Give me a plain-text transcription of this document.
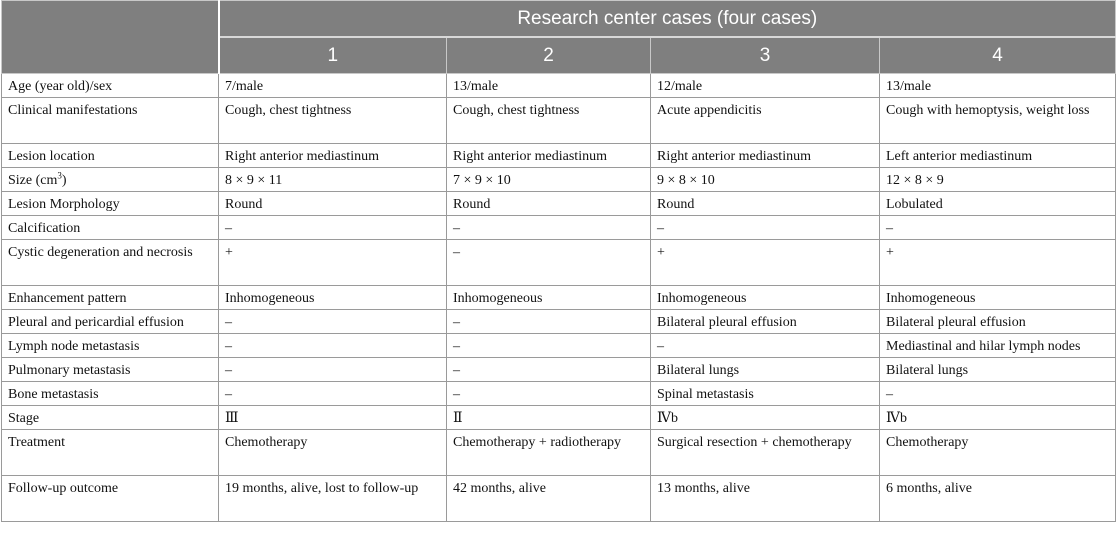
	Research center cases (four cases)			
	1	2	3	4
Age (year old)/sex	7/male	13/male	12/male	13/male
Clinical manifestations	Cough, chest tightness	Cough, chest tightness	Acute appendicitis	Cough with hemoptysis, weight loss
Lesion location	Right anterior mediastinum	Right anterior mediastinum	Right anterior mediastinum	Left anterior mediastinum
Size $(cm^3)$	8 × 9 × 11	7 × 9 × 10	9 × 8 × 10	12 × 8 × 9
Lesion Morphology	Round	Round	Round	Lobulated
Calcification	–	–	–	–
Cystic degeneration and necrosis	+	–	+	+
Enhancement pattern	Inhomogeneous	Inhomogeneous	Inhomogeneous	Inhomogeneous
Pleural and pericardial effusion	–	–	Bilateral pleural effusion	Bilateral pleural effusion
Lymph node metastasis	–	–	–	Mediastinal and hilar lymph nodes
Pulmonary metastasis	–	–	Bilateral lungs	Bilateral lungs
Bone metastasis	–	–	Spinal metastasis	–
Stage	Ⅲ	Ⅱ	Ⅳb	Ⅳb
Treatment	Chemotherapy	Chemotherapy + radiotherapy	Surgical resection + chemotherapy	Chemotherapy
Follow-up outcome	19 months, alive, lost to follow-up	42 months, alive	13 months, alive	6 months, alive
